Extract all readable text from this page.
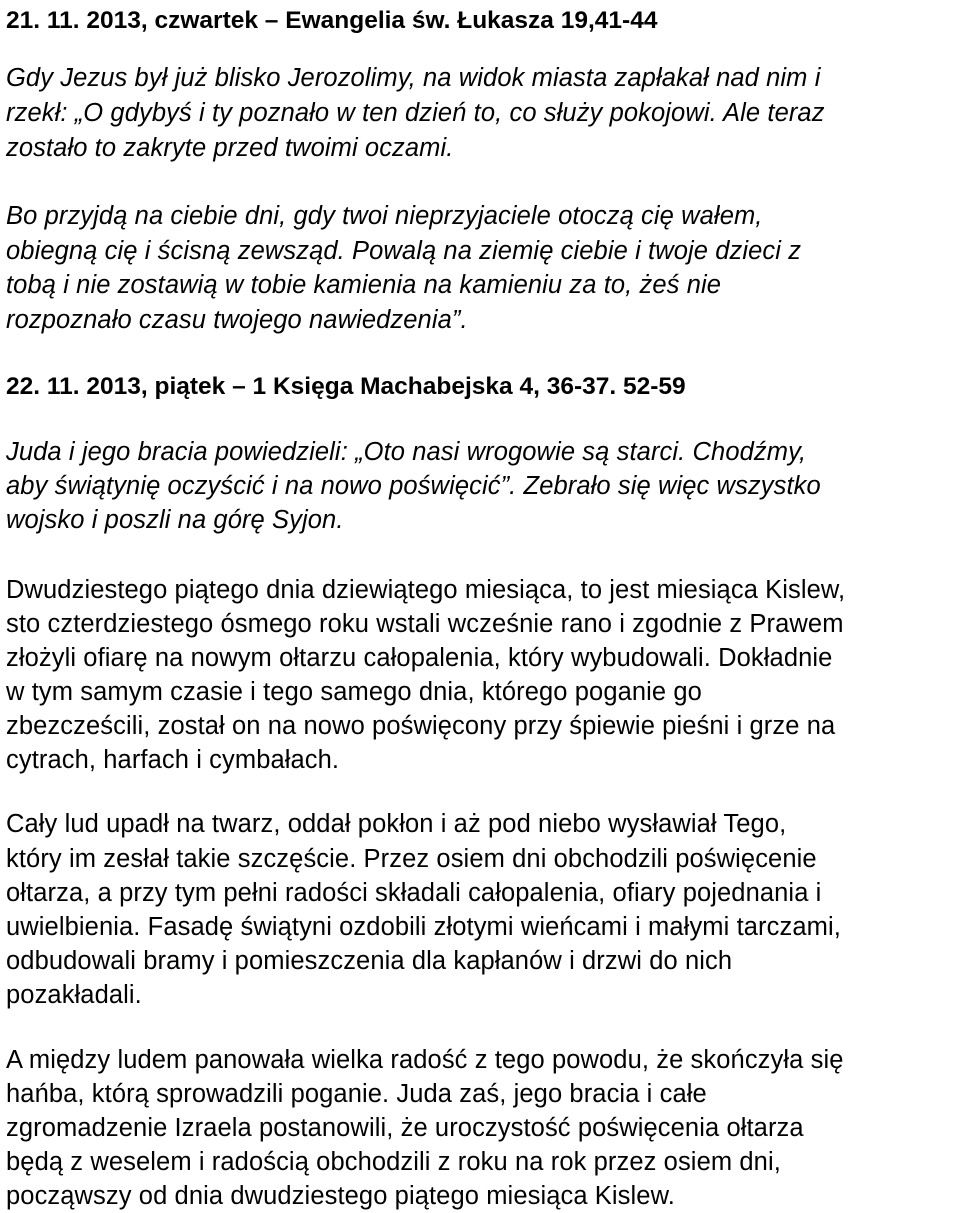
21. 11. 2013, czwartek – Ewangelia św. Łukasza 19,41-44
Gdy Jezus był już blisko Jerozolimy, na widok miasta zapłakał nad nim i
rzekł: „O gdybyś i ty poznało w ten dzień to, co służy pokojowi. Ale teraz
zostało to zakryte przed twoimi oczami.
Bo przyjdą na ciebie dni, gdy twoi nieprzyjaciele otoczą cię wałem,
obiegną cię i ścisną zewsząd. Powalą na ziemię ciebie i twoje dzieci z
tobą i nie zostawią w tobie kamienia na kamieniu za to, żeś nie
rozpoznało czasu twojego nawiedzenia”.
22. 11. 2013, piątek – 1 Księga Machabejska 4, 36-37. 52-59
Juda i jego bracia powiedzieli: „Oto nasi wrogowie są starci. Chodźmy,
aby świątynię oczyścić i na nowo poświęcić”. Zebrało się więc wszystko
wojsko i poszli na górę Syjon.
Dwudziestego piątego dnia dziewiątego miesiąca, to jest miesiąca Kislew,
sto czterdziestego ósmego roku wstali wcześnie rano i zgodnie z Prawem
złożyli ofiarę na nowym ołtarzu całopalenia, który wybudowali. Dokładnie
w tym samym czasie i tego samego dnia, którego poganie go
zbezcześcili, został on na nowo poświęcony przy śpiewie pieśni i grze na
cytrach, harfach i cymbałach.
Cały lud upadł na twarz, oddał pokłon i aż pod niebo wysławiał Tego,
który im zesłał takie szczęście. Przez osiem dni obchodzili poświęcenie
ołtarza, a przy tym pełni radości składali całopalenia, ofiary pojednania i
uwielbienia. Fasadę świątyni ozdobili złotymi wieńcami i małymi tarczami,
odbudowali bramy i pomieszczenia dla kapłanów i drzwi do nich
pozakładali.
A między ludem panowała wielka radość z tego powodu, że skończyła się
hańba, którą sprowadzili poganie. Juda zaś, jego bracia i całe
zgromadzenie Izraela postanowili, że uroczystość poświęcenia ołtarza
będą z weselem i radością obchodzili z roku na rok przez osiem dni,
począwszy od dnia dwudziestego piątego miesiąca Kislew.
